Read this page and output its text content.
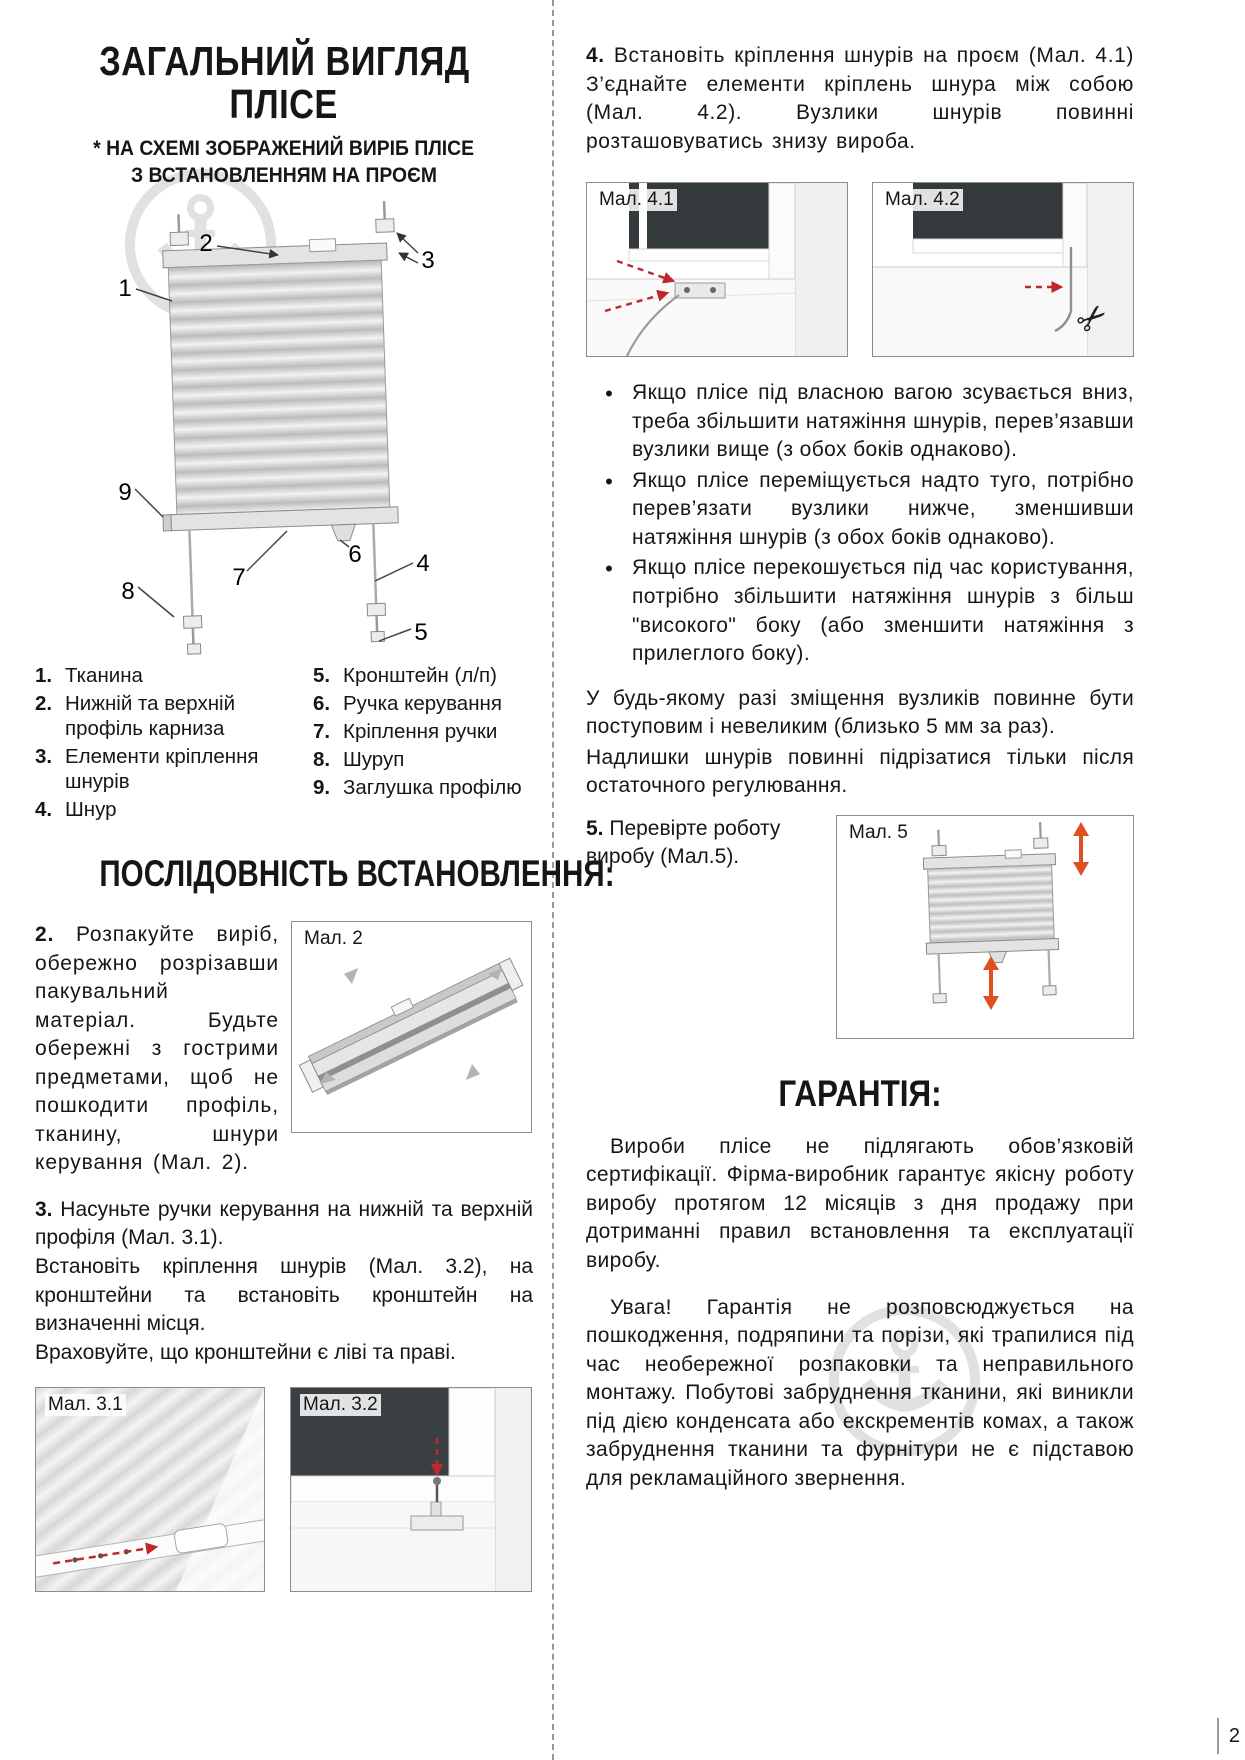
ЗАГАЛЬНИЙ ВИГЛЯД
ПЛІСЕ
* НА СХЕМІ ЗОБРАЖЕНИЙ ВИРІБ ПЛІСЕ
З ВСТАНОВЛЕННЯМ НА ПРОЄМ
1
2
3
4
5
6
7
8
9
1. Тканина
2. Нижній та верхній профіль карниза
3. Елементи кріплення шнурів
4. Шнур
5. Кронштейн (л/п)
6. Ручка керування
7. Кріплення ручки
8. Шуруп
9. Заглушка профілю
ПОСЛІДОВНІСТЬ ВСТАНОВЛЕННЯ:

2. Розпакуйте виріб, обережно розрізавши пакувальний матеріал. Будьте обережні з гострими предметами, щоб не пошкодити профіль, тканину, шнури керування (Мал. 2).

Мал. 2

3. Насуньте ручки керування на нижній та верхній профіля (Мал. 3.1).

Встановіть кріплення шнурів (Мал. 3.2), на кронштейни та встановіть кронштейн на визначенні місця.

Враховуйте, що кронштейни є ліві та праві.

Мал. 3.1	Мал. 3.2

4. Встановіть кріплення шнурів на проєм (Мал. 4.1) З’єднайте елементи кріплень шнура між собою (Мал. 4.2). Вузлики шнурів повинні розташовуватись знизу вироба.

Мал. 4.1	Мал. 4.2
✂
• Якщо плісе під власною вагою зсувається вниз, треба збільшити натяжіння шнурів, перев’язавши вузлики вище (з обох боків однаково).
• Якщо плісе переміщується надто туго, потрібно перев’язати вузлики нижче, зменшивши натяжіння шнурів (з обох боків однаково).
• Якщо плісе перекошується під час користування, потрібно збільшити натяжіння шнурів з більш "високого" боку (або зменшити натяжіння з прилеглого боку).

У будь-якому разі зміщення вузликів повинне бути поступовим і невеликим (близько 5 мм за раз).

Надлишки шнурів повинні підрізатися тільки після остаточного регулювання.

5. Перевірте роботу виробу (Мал.5).

Мал. 5
ГАРАНТІЯ:

Вироби плісе не підлягають обов’язковій сертифікації. Фірма-виробник гарантує якісну роботу виробу протягом 12 місяців з дня продажу при дотриманні правил встановлення та експлуатації виробу.

Увага! Гарантія не розповсюджується на пошкодження, подряпини та порізи, які трапилися під час необережної розпаковки та неправильного монтажу. Побутові забруднення тканини, які виникли під дією конденсата або екскрементів комах, а також забруднення тканини та фурнітури не є підставою для рекламаційного звернення.

2
